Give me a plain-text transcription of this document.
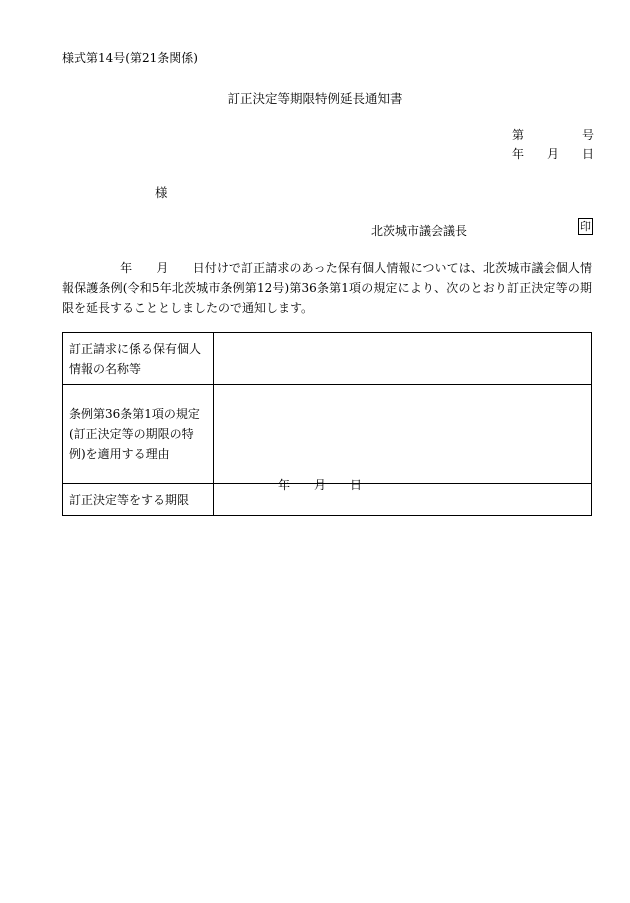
様式第14号(第21条関係)
訂正決定等期限特例延長通知書
第	号
年 月 日
様
北茨城市議会議長	印
年 月 日付けで訂正請求のあった保有個人情報については、北茨城市議会個人情報保護条例(令和5年北茨城市条例第12号)第36条第1項の規定により、次のとおり訂正決定等の期限を延長することとしましたので通知します。
訂正請求に係る保有個人情報の名称等	
条例第36条第1項の規定(訂正決定等の期限の特例)を適用する理由	
訂正決定等をする期限	年 月 日
